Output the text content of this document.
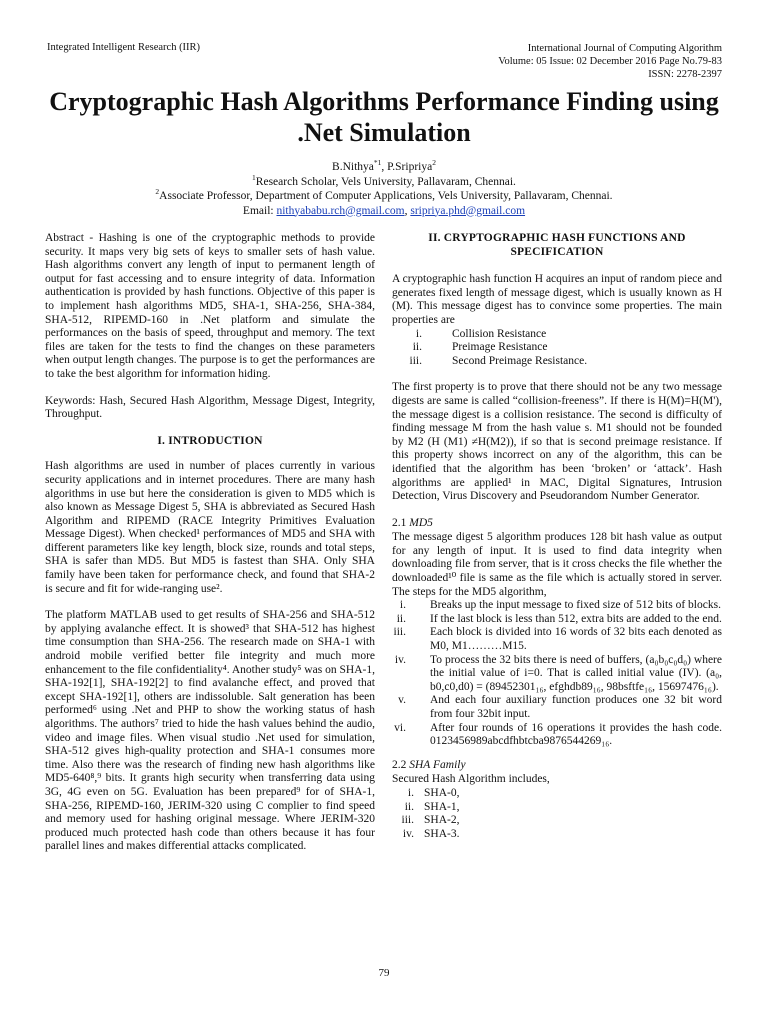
Integrated Intelligent Research (IIR)	International Journal of Computing Algorithm
Volume: 05 Issue: 02 December 2016 Page No.79-83
ISSN: 2278-2397
Cryptographic Hash Algorithms Performance Finding using .Net Simulation
B.Nithya$^{*1}$, P.Sripriya$^2$
$^1$Research Scholar, Vels University, Pallavaram, Chennai.
$^2$Associate Professor, Department of Computer Applications, Vels University, Pallavaram, Chennai.
Email: nithyababu.rch@gmail.com, sripriya.phd@gmail.com

Abstract - Hashing is one of the cryptographic methods to provide security. It maps very big sets of keys to smaller sets of hash value. Hash algorithms convert any length of input to permanent length of output for fast accessing and to ensure integrity of data. Information authentication is provided by hash functions. Objective of this paper is to implement hash algorithms MD5, SHA-1, SHA-256, SHA-384, SHA-512, RIPEMD-160 in .Net platform and simulate the performances on the basis of speed, throughput and memory. The text files are taken for the tests to find the changes on these parameters when output length changes. The purpose is to get the performances are to take the best algorithm for information hiding.

Keywords: Hash, Secured Hash Algorithm, Message Digest, Integrity, Throughput.

I. INTRODUCTION

Hash algorithms are used in number of places currently in various security applications and in internet procedures. There are many hash algorithms in use but here the consideration is given to MD5 which is also known as Message Digest 5, SHA is abbreviated as Secured Hash Algorithm and RIPEMD (RACE Integrity Primitives Evaluation Message Digest). When checked¹ performances of MD5 and SHA with different parameters like key length, block size, rounds and total steps, SHA is safer than MD5. But MD5 is fastest than SHA. Only SHA family have been taken for performance check, and found that SHA-2 is secure and fit for wide-ranging use².

The platform MATLAB used to get results of SHA-256 and SHA-512 by applying avalanche effect. It is showed³ that SHA-512 has highest time consumption than SHA-256. The research made on SHA-1 with android mobile verified better file integrity and much more enhancement to the file confidentiality⁴. Another study⁵ was on SHA-1, SHA-192[1], SHA-192[2] to find avalanche effect, and proved that except SHA-192[1], others are indissoluble. Salt generation has been performed⁶ using .Net and PHP to show the working status of hash algorithms. The authors⁷ tried to hide the hash values behind the audio, video and image files. When visual studio .Net used for simulation, SHA-512 gives high-quality protection and SHA-1 consumes more time. Also there was the research of finding new hash algorithms like MD5-640⁸,⁹ bits. It grants high security when transferring data using 3G, 4G even on 5G. Evaluation has been prepared⁹ for of SHA-1, SHA-256, RIPEMD-160, JERIM-320 using C complier to find speed and memory used for hashing original message. Where JERIM-320 produced much protected hash code than others because it has four parallel lines and makes differential attacks complicated.

II. CRYPTOGRAPHIC HASH FUNCTIONS AND SPECIFICATION

A cryptographic hash function H acquires an input of random piece and generates fixed length of message digest, which is usually known as H (M). This message digest has to convince some properties. The main properties are

i.	Collision Resistance
ii.	Preimage Resistance
iii.	Second Preimage Resistance.

The first property is to prove that there should not be any two message digests are same is called “collision-freeness”. If there is H(M)=H(M'), the message digest is a collision resistance. The second is difficulty of finding message M from the hash value s. M1 should not be founded by M2 (H (M1) ≠H(M2)), if so that is second preimage resistance. If this property shows incorrect on any of the algorithm, this can be identified that the algorithm has been ‘broken’ or ‘attack’. Hash algorithms are applied¹ in MAC, Digital Signatures, Intrusion Detection, Virus Discovery and Pseudorandom Number Generator.

2.1 MD5

The message digest 5 algorithm produces 128 bit hash value as output for any length of input. It is used to find data integrity when downloading file from server, that is it cross checks the file whether the downloaded¹⁰ file is same as the file which is actually stored in server. The steps for the MD5 algorithm,

i.	Breaks up the input message to fixed size of 512 bits of blocks.
ii.	If the last block is less than 512, extra bits are added to the end.
iii.	Each block is divided into 16 words of 32 bits each denoted as M0, M1………M15.
iv.	To process the 32 bits there is need of buffers, (a₀b₀c₀d₀) where the initial value of i=0. That is called initial value (IV). (a₀, b0,c0,d0) = (89452301₁₆, efghdb89₁₆, 98bsftfe₁₆, 15697476₁₆).
v.	And each four auxiliary function produces one 32 bit word from four 32bit input.
vi.	After four rounds of 16 operations it provides the hash code. 0123456989abcdfhbtcba9876544269₁₆.
2.2 SHA Family
Secured Hash Algorithm includes,
i. SHA-0,
ii. SHA-1,
iii. SHA-2,
iv. SHA-3.
79
